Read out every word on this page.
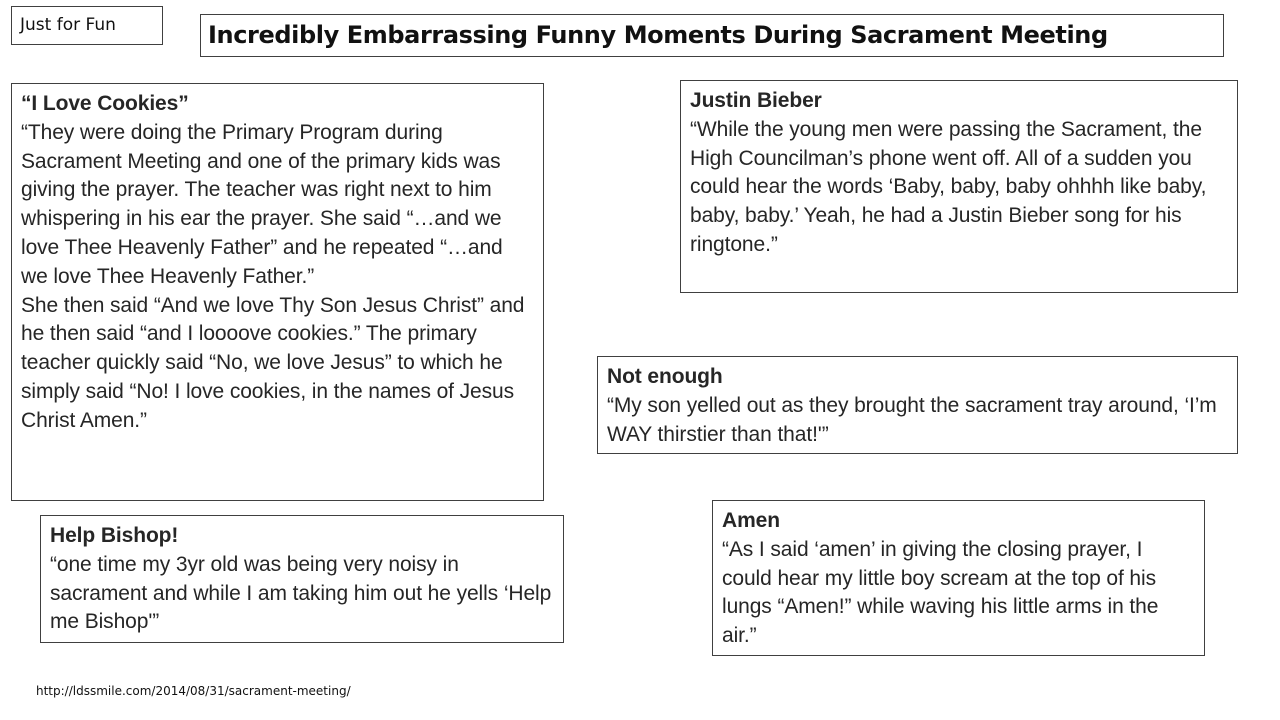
Just for Fun	Incredibly Embarrassing Funny Moments During Sacrament Meeting
“I Love Cookies”
“They were doing the Primary Program during Sacrament Meeting and one of the primary kids was giving the prayer. The teacher was right next to him whispering in his ear the prayer. She said “…and we love Thee Heavenly Father” and he repeated “…and we love Thee Heavenly Father.”
She then said “And we love Thy Son Jesus Christ” and he then said “and I loooove cookies.” The primary teacher quickly said “No, we love Jesus” to which he simply said “No! I love cookies, in the names of Jesus Christ Amen.”
Justin Bieber
“While the young men were passing the Sacrament, the High Councilman’s phone went off. All of a sudden you could hear the words ‘Baby, baby, baby ohhhh like baby, baby, baby.’ Yeah, he had a Justin Bieber song for his ringtone.”
Not enough
“My son yelled out as they brought the sacrament tray around, ‘I’m WAY thirstier than that!'”
Help Bishop!
“one time my 3yr old was being very noisy in sacrament and while I am taking him out he yells ‘Help me Bishop'”
Amen
“As I said ‘amen’ in giving the closing prayer, I could hear my little boy scream at the top of his lungs “Amen!” while waving his little arms in the air.”
http://ldssmile.com/2014/08/31/sacrament-meeting/
